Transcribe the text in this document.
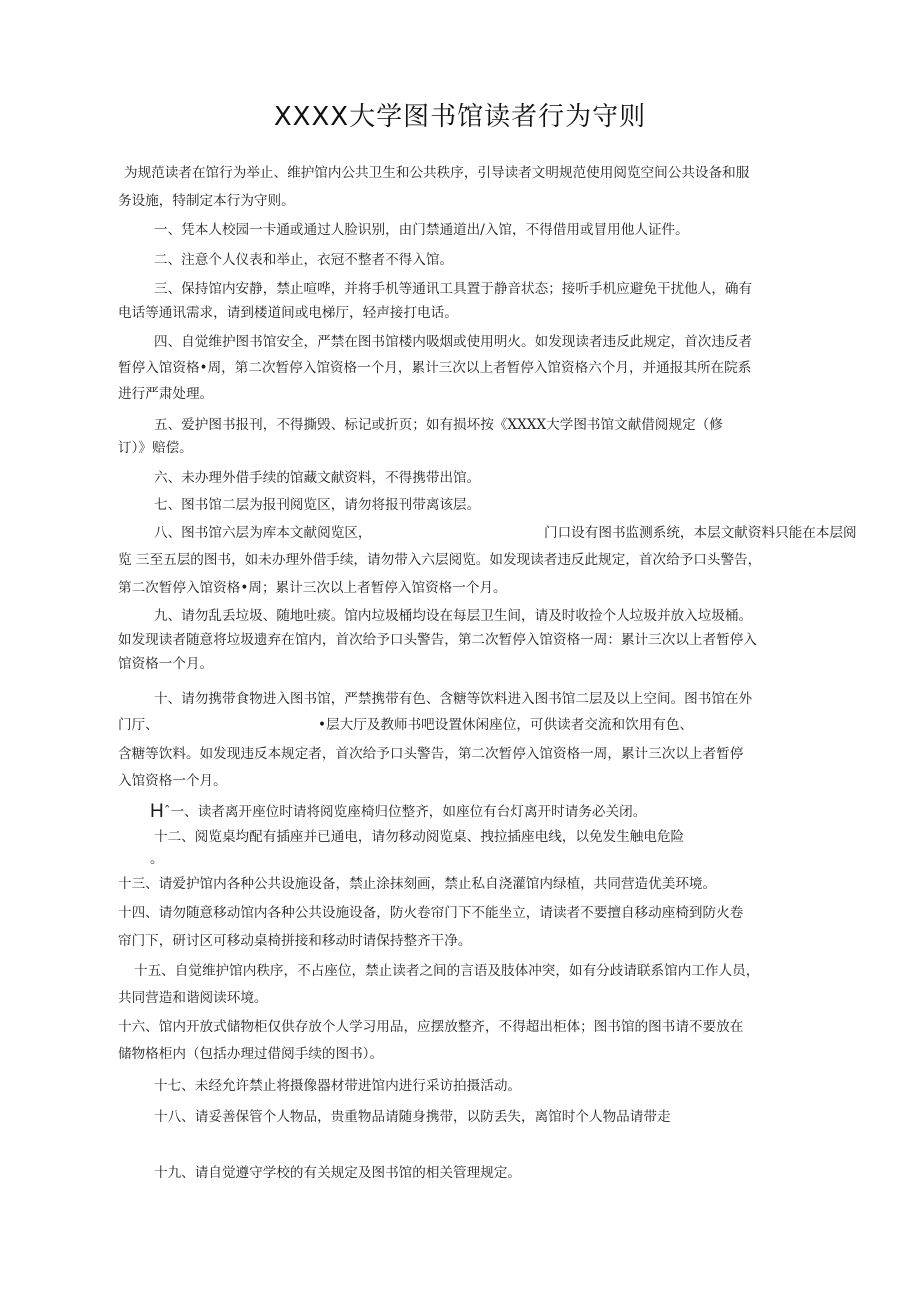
XXXX大学图书馆读者行为守则
为规范读者在馆行为举止、维护馆内公共卫生和公共秩序，引导读者文明规范使用阅览空间公共设备和服
务设施，特制定本行为守则。
一、凭本人校园一卡通或通过人脸识别，由门禁通道出/入馆，不得借用或冒用他人证件。
二、注意个人仪表和举止，衣冠不整者不得入馆。
三、保持馆内安静，禁止喧哗，并将手机等通讯工具置于静音状态；接听手机应避免干扰他人，确有
电话等通讯需求，请到楼道间或电梯厅，轻声接打电话。
四、自觉维护图书馆安全，严禁在图书馆楼内吸烟或使用明火。如发现读者违反此规定，首次违反者
暂停入馆资格•周，第二次暂停入馆资格一个月，累计三次以上者暂停入馆资格六个月，并通报其所在院系
进行严肃处理。
五、爱护图书报刊，不得撕毁、标记或折页；如有损坏按《XXXX大学图书馆文献借阅规定（修
订）》赔偿。
六、未办理外借手续的馆藏文献资料，不得携带出馆。
七、图书馆二层为报刊阅览区，请勿将报刊带离该层。
八、图书馆六层为库本文献阅览区，	门口设有图书监测系统，本层文献资料只能在本层阅
览 三至五层的图书，如未办理外借手续，请勿带入六层阅览。如发现读者违反此规定，首次给予口头警告，
第二次暂停入馆资格•周；累计三次以上者暂停入馆资格一个月。
九、请勿乱丢垃圾、随地吐痰。馆内垃圾桶均设在每层卫生间，请及时收捡个人垃圾并放入垃圾桶。
如发现读者随意将垃圾遗弃在馆内，首次给予口头警告，第二次暂停入馆资格一周：累计三次以上者暂停入
馆资格一个月。
十、请勿携带食物进入图书馆，严禁携带有色、含糖等饮料进入图书馆二层及以上空间。图书馆在外
门厅、	•层大厅及教师书吧设置休闲座位，可供读者交流和饮用有色、
含糖等饮料。如发现违反本规定者，首次给予口头警告，第二次暂停入馆资格一周，累计三次以上者暂停
入馆资格一个月。
Hˆ一、读者离开座位时请将阅览座椅归位整齐，如座位有台灯离开时请务必关闭。
十二、阅览桌均配有插座并已通电，请勿移动阅览桌、拽拉插座电线，以免发生触电危险
。
十三、请爱护馆内各种公共设施设备，禁止涂抹刻画，禁止私自浇灌馆内绿植，共同营造优美环境。
十四、请勿随意移动馆内各种公共设施设备，防火卷帘门下不能坐立，请读者不要擅自移动座椅到防火卷
帘门下，研讨区可移动桌椅拼接和移动时请保持整齐干净。
十五、自觉维护馆内秩序，不占座位，禁止读者之间的言语及肢体冲突，如有分歧请联系馆内工作人员，
共同营造和谐阅读环境。
十六、馆内开放式储物柜仅供存放个人学习用品，应摆放整齐，不得超出柜体；图书馆的图书请不要放在
储物格柜内（包括办理过借阅手续的图书）。
十七、未经允许禁止将摄像器材带进馆内进行采访拍摄活动。
十八、请妥善保管个人物品，贵重物品请随身携带，以防丢失，离馆时个人物品请带走
十九、请自觉遵守学校的有关规定及图书馆的相关管理规定。
